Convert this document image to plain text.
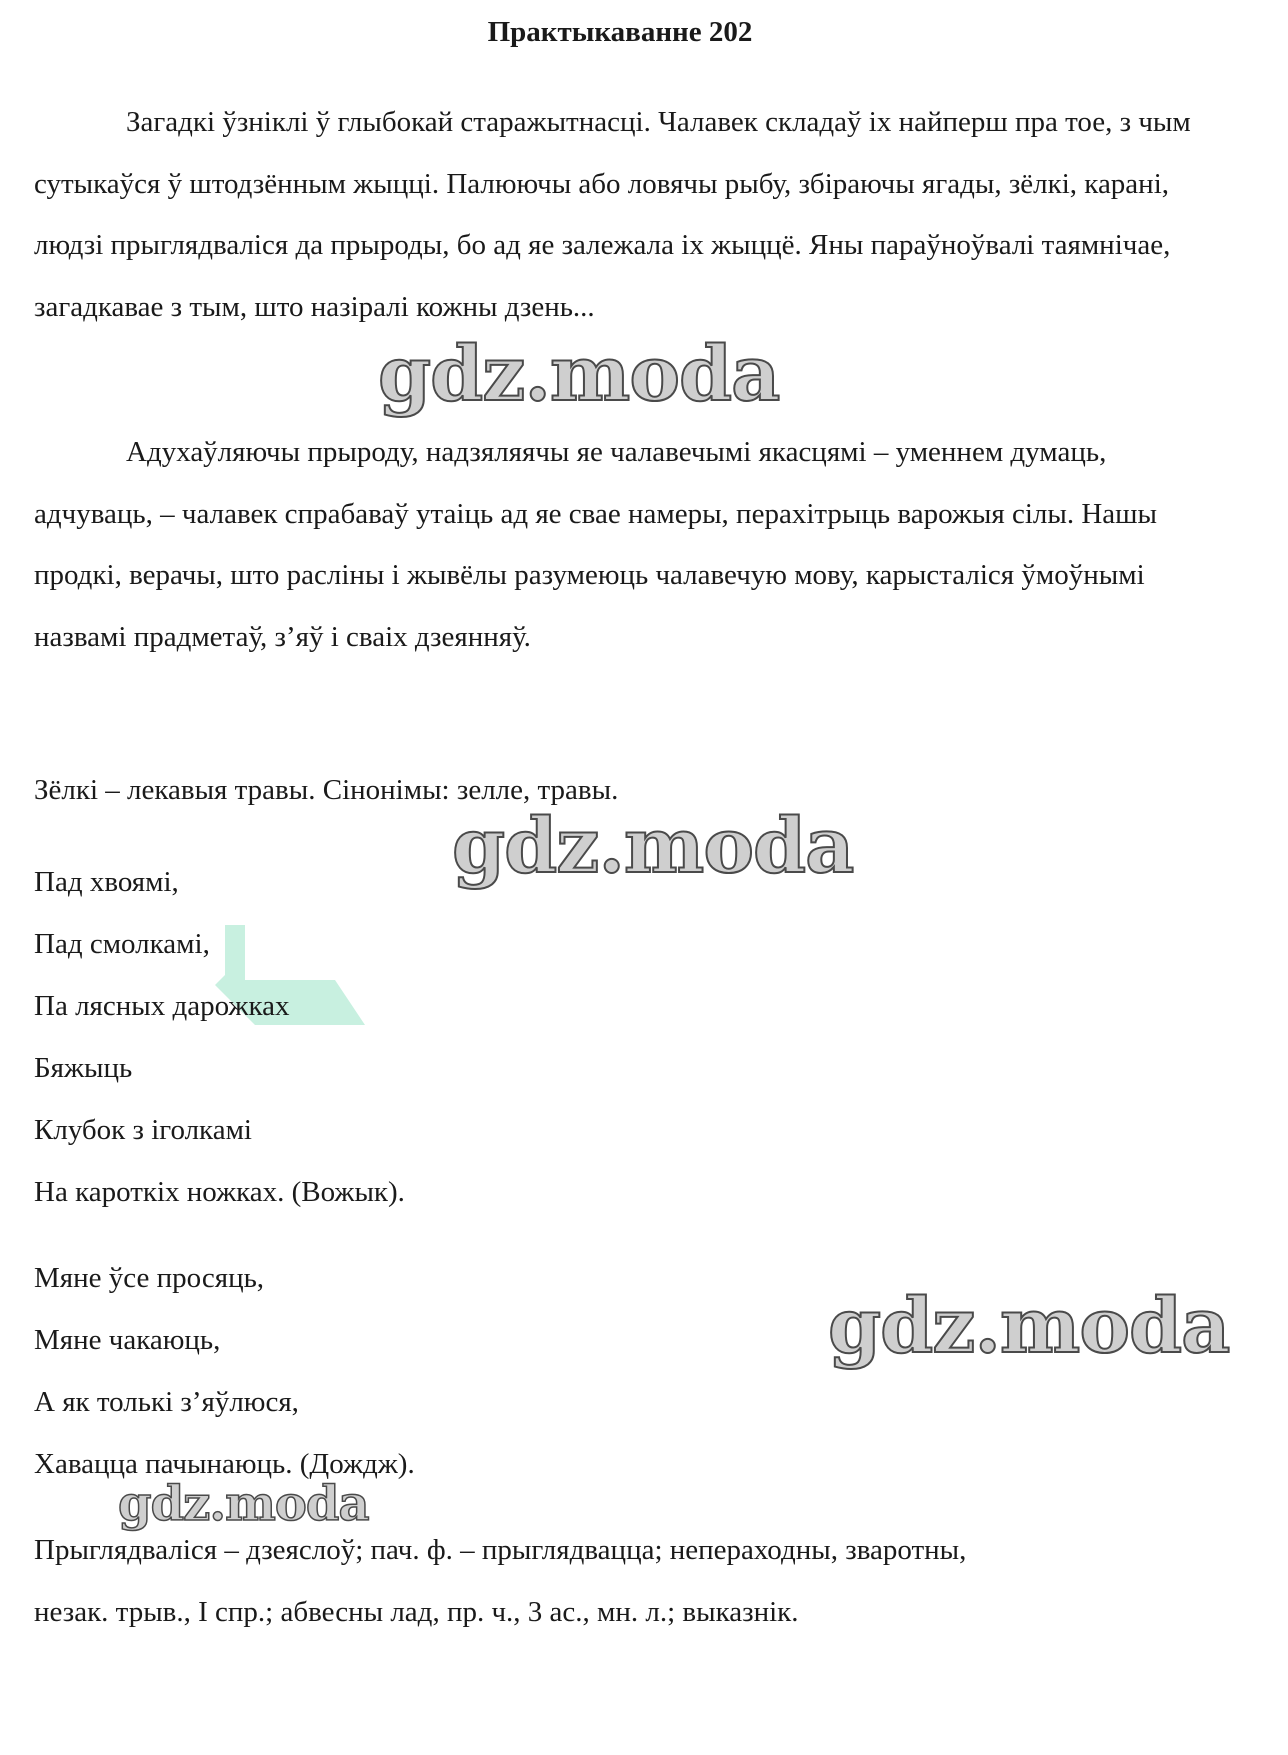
Практыкаванне 202

Загадкі ўзніклі ў глыбокай старажытнасці. Чалавек складаў іх найперш пра тое, з чым сутыкаўся ў штодзённым жыцці. Палюючы або ловячы рыбу, збіраючы ягады, зёлкі, карані, людзі прыглядваліся да прыроды, бо ад яе залежала іх жыццё. Яны параўноўвалі таямнічае, загадкавае з тым, што назіралі кожны дзень...

Адухаўляючы прыроду, надзяляячы яе чалавечымі якасцямі – уменнем думаць, адчуваць, – чалавек спрабаваў утаіць ад яе свае намеры, перахітрыць варожыя сілы. Нашы продкі, верачы, што расліны і жывёлы разумеюць чалавечую мову, карысталіся ўмоўнымі назвамі прадметаў, з’яў і сваіх дзеянняў.

Зёлкі – лекавыя травы. Сінонімы: зелле, травы.
Пад хвоямі,
Пад смолкамі,
Па лясных дарожках
Бяжыць
Клубок з іголкамі
На кароткіх ножках. (Вожык).
Мяне ўсе просяць,
Мяне чакаюць,
А як толькі з’яўлюся,
Хавацца пачынаюць. (Дождж).
Прыглядваліся – дзеяслоў; пач. ф. – прыглядвацца; непераходны, зваротны,
незак. трыв., I спр.; абвесны лад, пр. ч., 3 ас., мн. л.; выказнік.
gdz.moda
gdz.moda
gdz.moda
gdz.moda
